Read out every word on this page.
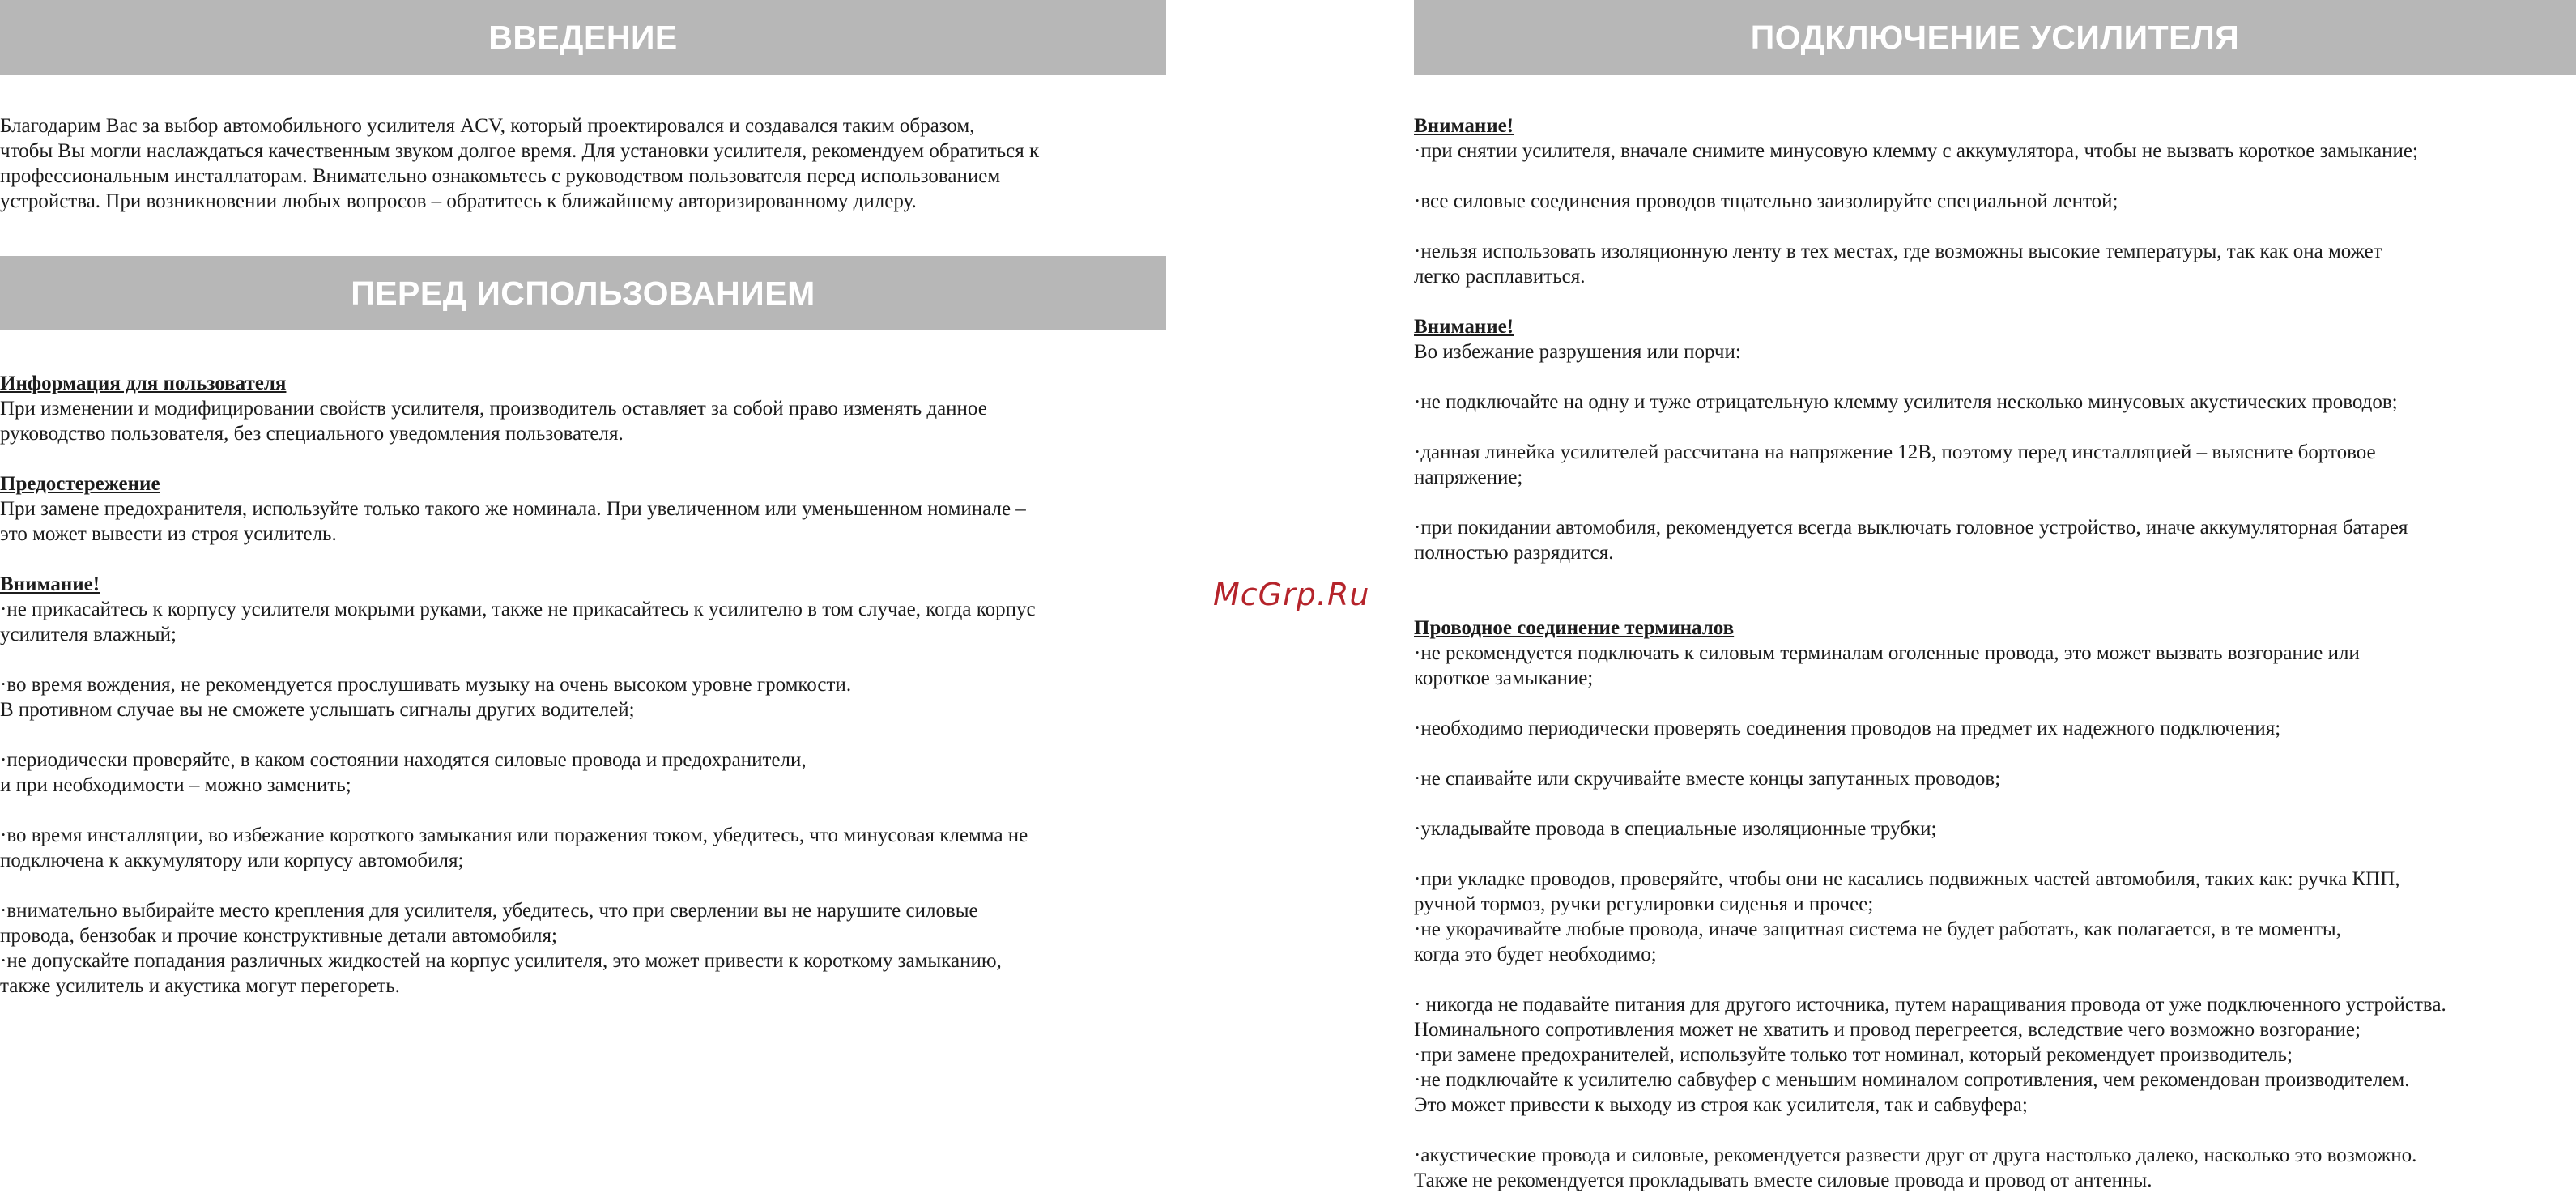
ВВЕДЕНИЕ

Благодарим Вас за выбор автомобильного усилителя ACV, который проектировался и создавался таким образом,
чтобы Вы могли наслаждаться качественным звуком долгое время. Для установки усилителя, рекомендуем обратиться к
профессиональным инсталлаторам. Внимательно ознакомьтесь с руководством пользователя перед использованием
устройства. При возникновении любых вопросов – обратитесь к ближайшему авторизированному дилеру.

ПЕРЕД ИСПОЛЬЗОВАНИЕМ

Информация для пользователя

При изменении и модифицировании свойств усилителя, производитель оставляет за собой право изменять данное
руководство пользователя, без специального уведомления пользователя.

Предостережение

При замене предохранителя, используйте только такого же номинала. При увеличенном или уменьшенном номинале –
это может вывести из строя усилитель.

Внимание!

·не прикасайтесь к корпусу усилителя мокрыми руками, также не прикасайтесь к усилителю в том случае, когда корпус
усилителя влажный;

·во время вождения, не рекомендуется прослушивать музыку на очень высоком уровне громкости.
В противном случае вы не сможете услышать сигналы других водителей;

·периодически проверяйте, в каком состоянии находятся силовые провода и предохранители,
и при необходимости – можно заменить;

·во время инсталляции, во избежание короткого замыкания или поражения током, убедитесь, что минусовая клемма не
подключена к аккумулятору или корпусу автомобиля;

·внимательно выбирайте место крепления для усилителя, убедитесь, что при сверлении вы не нарушите силовые
провода, бензобак и прочие конструктивные детали автомобиля;
·не допускайте попадания различных жидкостей на корпус усилителя, это может привести к короткому замыканию,
также усилитель и акустика могут перегореть.

McGrp.Ru
ПОДКЛЮЧЕНИЕ УСИЛИТЕЛЯ

Внимание!

·при снятии усилителя, вначале снимите минусовую клемму с аккумулятора, чтобы не вызвать короткое замыкание;

·все силовые соединения проводов тщательно заизолируйте специальной лентой;

·нельзя использовать изоляционную ленту в тех местах, где возможны высокие температуры, так как она может
легко расплавиться.

Внимание!

Во избежание разрушения или порчи:

·не подключайте на одну и туже отрицательную клемму усилителя несколько минусовых акустических проводов;

·данная линейка усилителей рассчитана на напряжение 12В, поэтому перед инсталляцией – выясните бортовое
напряжение;

·при покидании автомобиля, рекомендуется всегда выключать головное устройство, иначе аккумуляторная батарея
полностью разрядится.

Проводное соединение терминалов

·не рекомендуется подключать к силовым терминалам оголенные провода, это может вызвать возгорание или
короткое замыкание;

·необходимо периодически проверять соединения проводов на предмет их надежного подключения;

·не спаивайте или скручивайте вместе концы запутанных проводов;

·укладывайте провода в специальные изоляционные трубки;

·при укладке проводов, проверяйте, чтобы они не касались подвижных частей автомобиля, таких как: ручка КПП,
ручной тормоз, ручки регулировки сиденья и прочее;
·не укорачивайте любые провода, иначе защитная система не будет работать, как полагается, в те моменты,
когда это будет необходимо;

· никогда не подавайте питания для другого источника, путем наращивания провода от уже подключенного устройства.
Номинального сопротивления может не хватить и провод перегреется, вследствие чего возможно возгорание;
·при замене предохранителей, используйте только тот номинал, который рекомендует производитель;
·не подключайте к усилителю сабвуфер с меньшим номиналом сопротивления, чем рекомендован производителем.
Это может привести к выходу из строя как усилителя, так и сабвуфера;

·акустические провода и силовые, рекомендуется развести друг от друга настолько далеко, насколько это возможно.
Также не рекомендуется прокладывать вместе силовые провода и провод от антенны.
